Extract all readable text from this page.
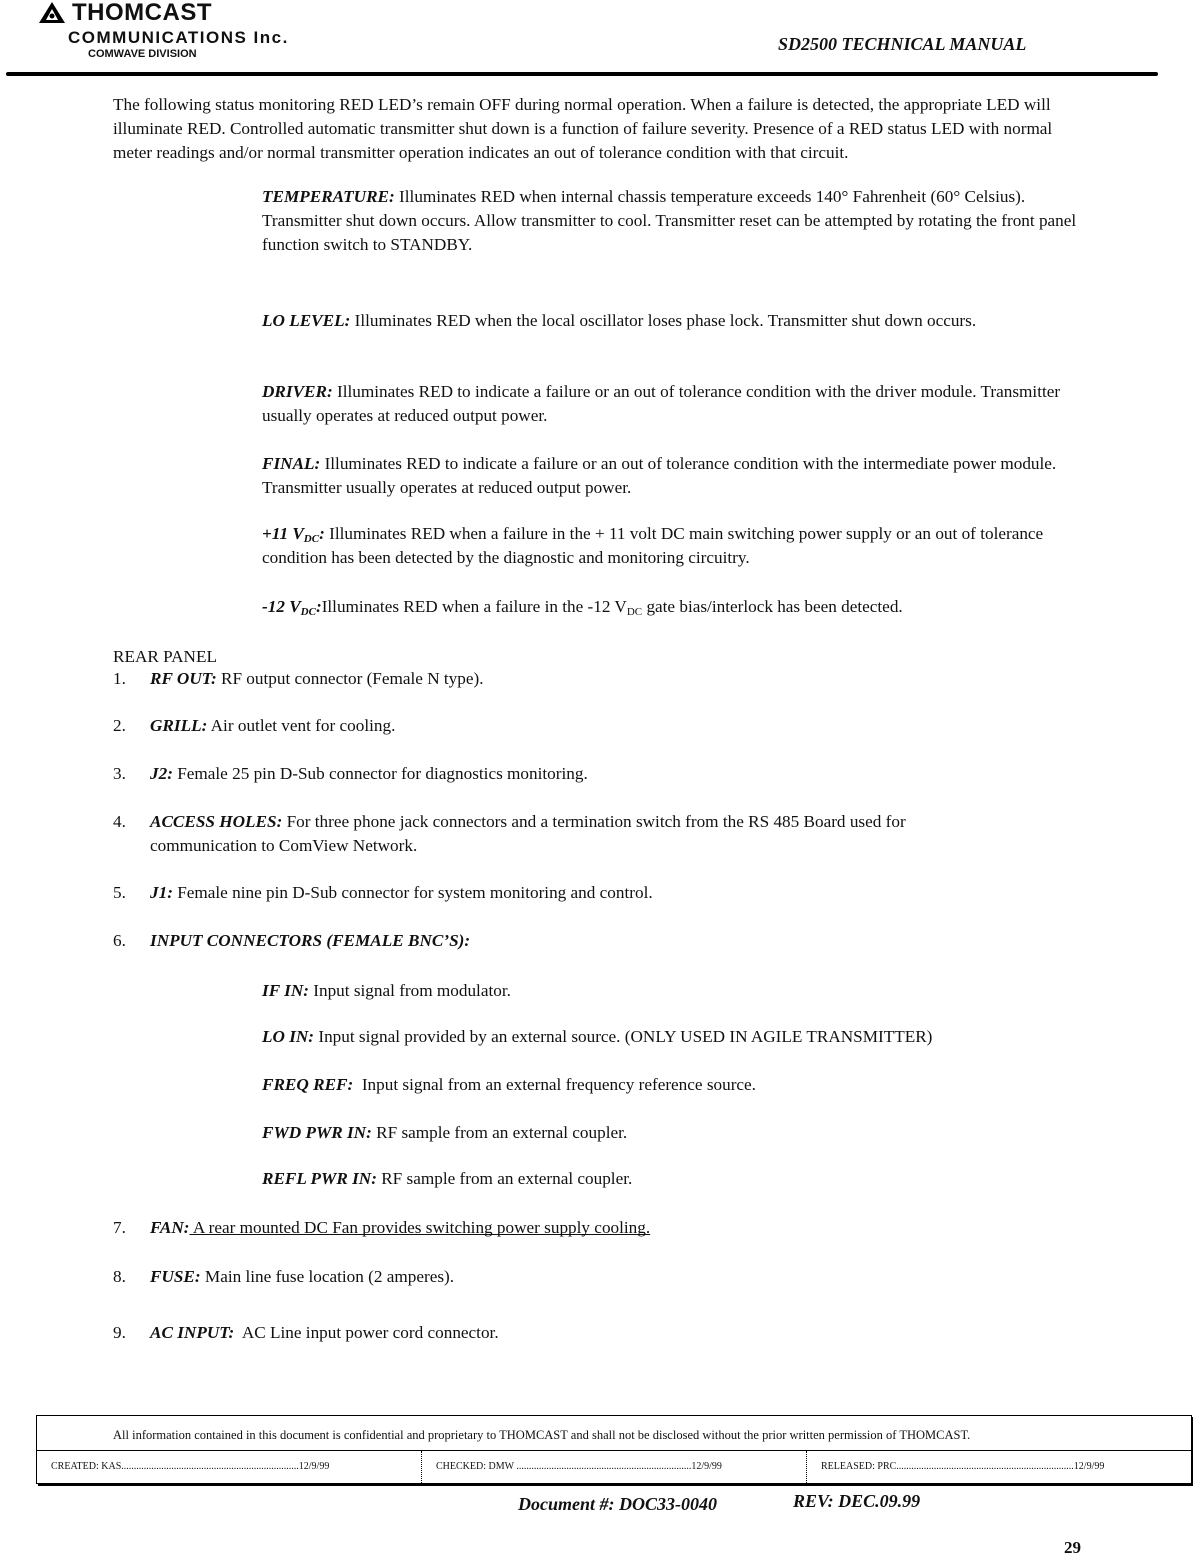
THOMCAST
COMMUNICATIONS Inc.
COMWAVE DIVISION	SD2500 TECHNICAL MANUAL

The following status monitoring RED LED’s remain OFF during normal operation. When a failure is detected, the appropriate LED will illuminate RED. Controlled automatic transmitter shut down is a function of failure severity. Presence of a RED status LED with normal meter readings and/or normal transmitter operation indicates an out of tolerance condition with that circuit.

TEMPERATURE: Illuminates RED when internal chassis temperature exceeds 140° Fahrenheit (60° Celsius). Transmitter shut down occurs. Allow transmitter to cool. Transmitter reset can be attempted by rotating the front panel function switch to STANDBY.

LO LEVEL: Illuminates RED when the local oscillator loses phase lock. Transmitter shut down occurs.

DRIVER: Illuminates RED to indicate a failure or an out of tolerance condition with the driver module. Transmitter usually operates at reduced output power.

FINAL: Illuminates RED to indicate a failure or an out of tolerance condition with the intermediate power module. Transmitter usually operates at reduced output power.

+11 $V_{DC}$: Illuminates RED when a failure in the + 11 volt DC main switching power supply or an out of tolerance condition has been detected by the diagnostic and monitoring circuitry.

-12 $V_{DC}:Illuminates$ RED when a failure in the -12 $V_{DC}$ gate bias/interlock has been detected.

REAR PANEL

1. RF OUT: RF output connector (Female N type).

2. GRILL: Air outlet vent for cooling.

3. J2: Female 25 pin D-Sub connector for diagnostics monitoring.

4. ACCESS HOLES: For three phone jack connectors and a termination switch from the RS 485 Board used for
communication to ComView Network.

5. J1: Female nine pin D-Sub connector for system monitoring and control.

6. INPUT CONNECTORS (FEMALE BNC’S):

IF IN: Input signal from modulator.

LO IN: Input signal provided by an external source. (ONLY USED IN AGILE TRANSMITTER)

FREQ REF:  Input signal from an external frequency reference source.

FWD PWR IN: RF sample from an external coupler.

REFL PWR IN: RF sample from an external coupler.

7. FAN: A rear mounted DC Fan provides switching power supply cooling.

8. FUSE: Main line fuse location (2 amperes).

9. AC INPUT:  AC Line input power cord connector.

All information contained in this document is confidential and proprietary to THOMCAST and shall not be disclosed without the prior written permission of THOMCAST.
CREATED: KAS.......................................................................12/9/99	CHECKED: DMW ......................................................................12/9/99	RELEASED: PRC.......................................................................12/9/99
Document #: DOC33-0040	REV: DEC.09.99
29
